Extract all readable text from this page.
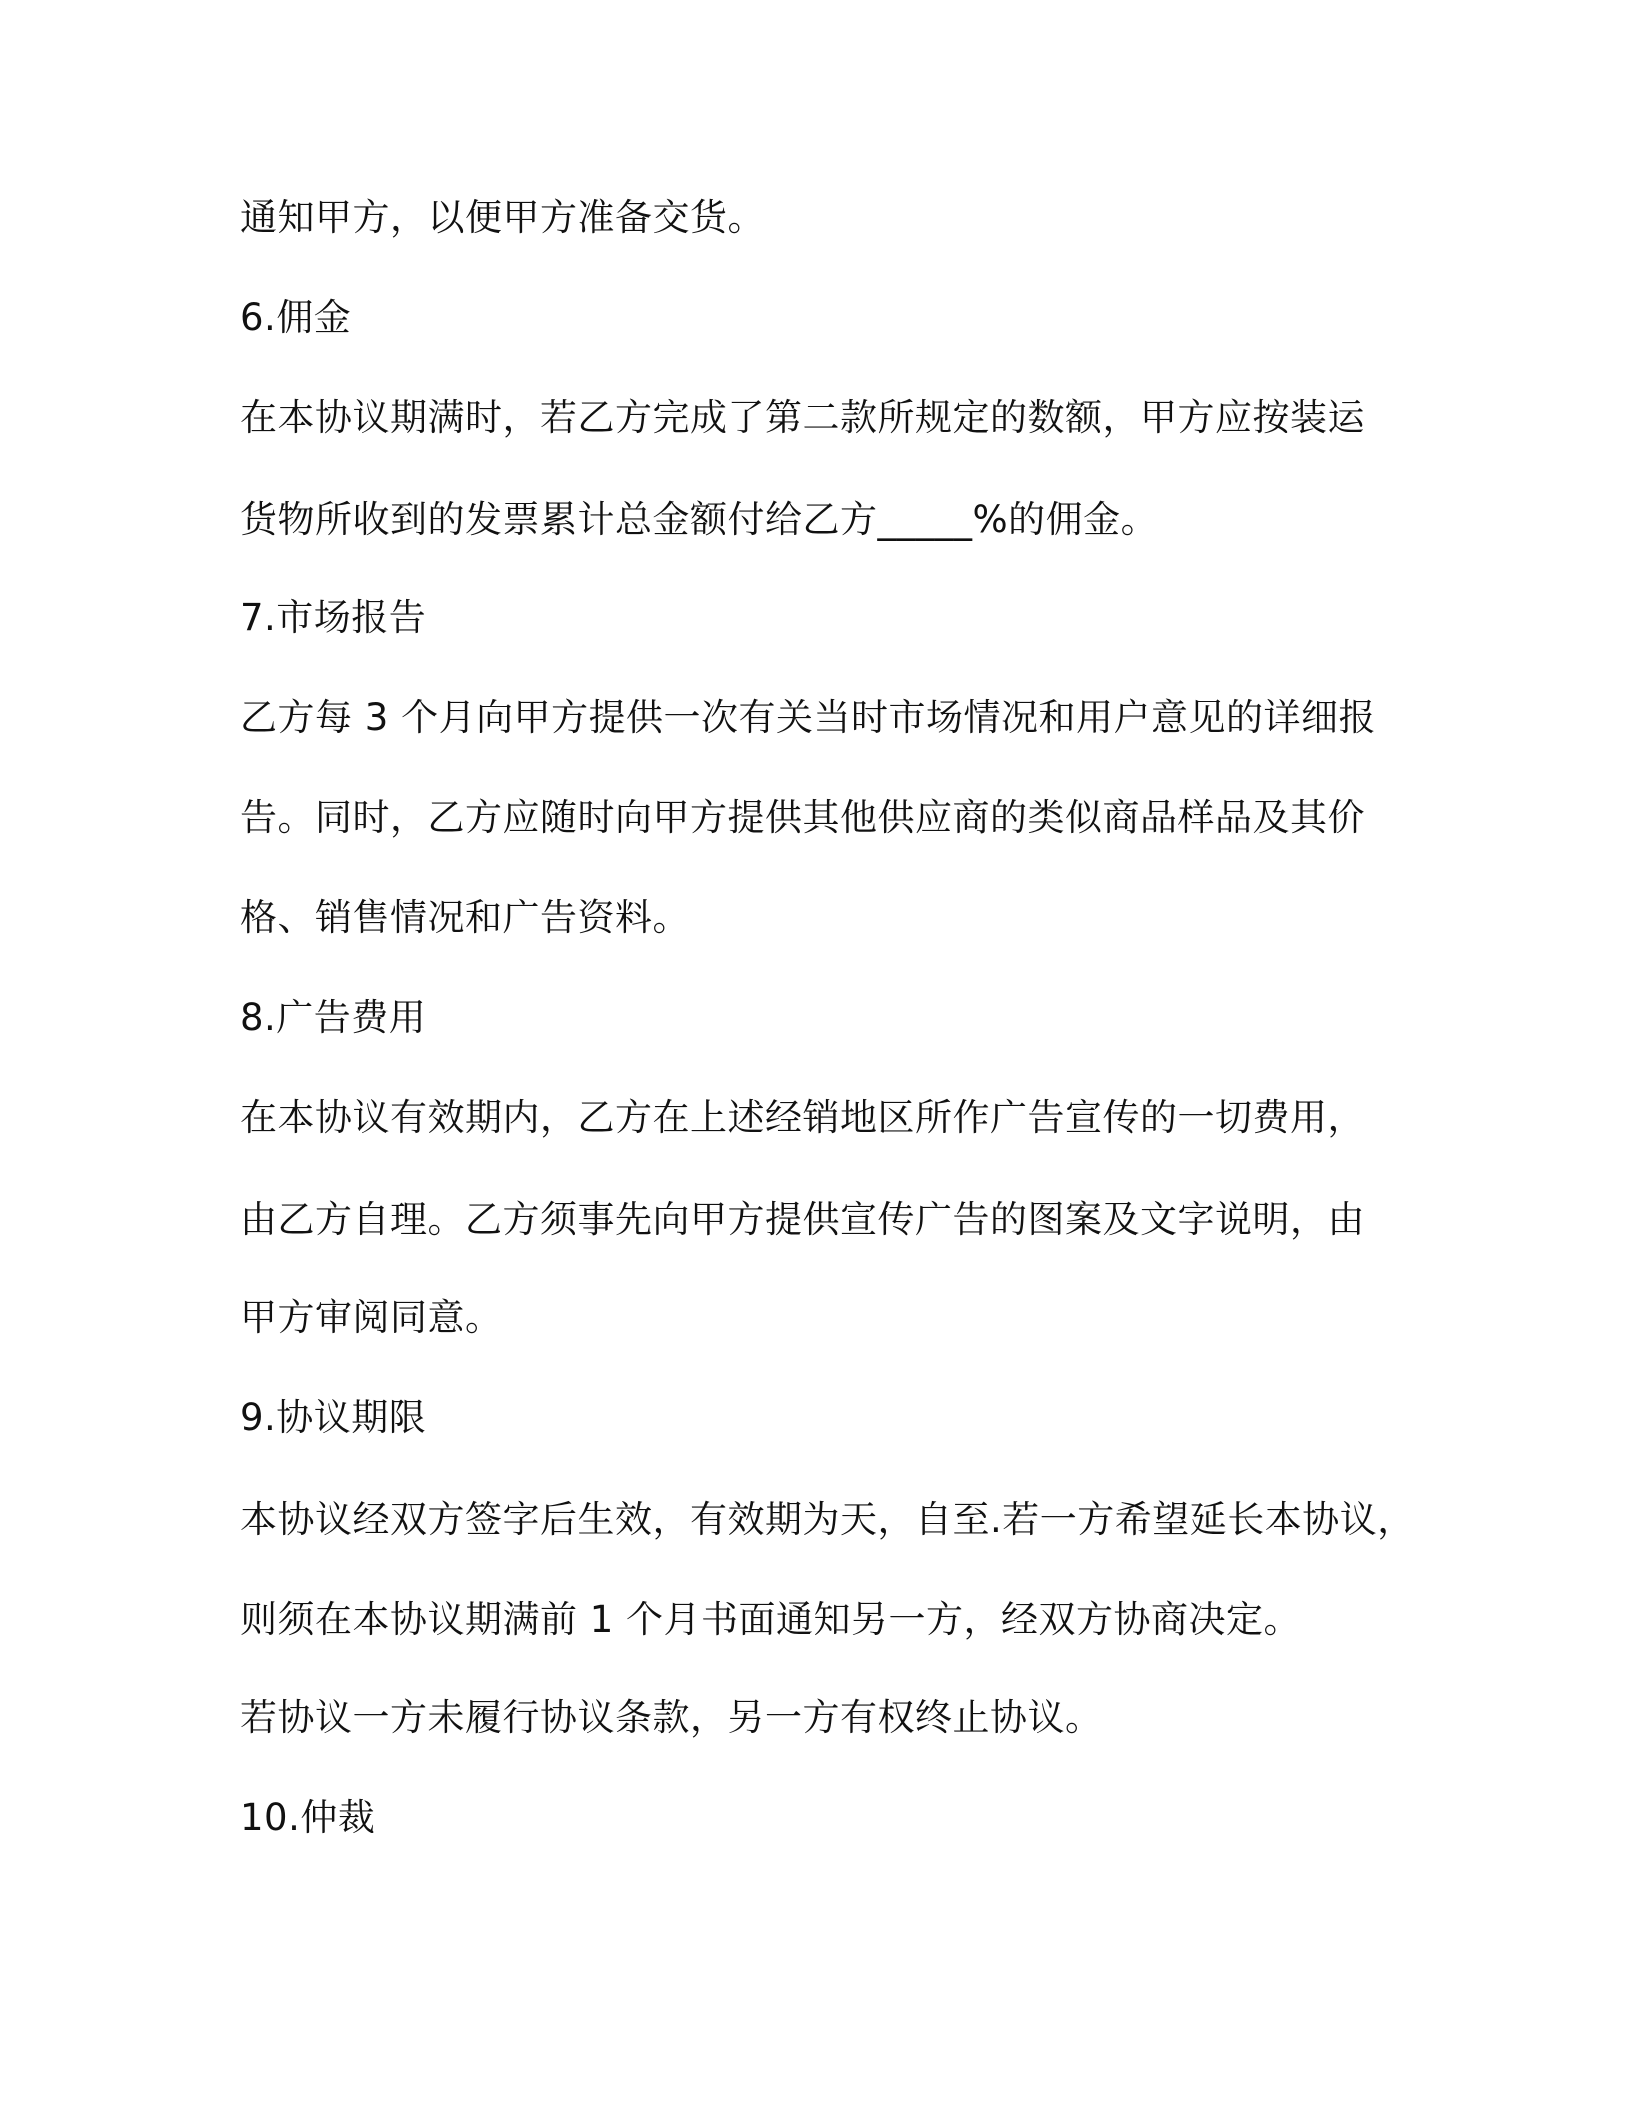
通知甲方，以便甲方准备交货。
6.佣金
在本协议期满时，若乙方完成了第二款所规定的数额，甲方应按装运
货物所收到的发票累计总金额付给乙方_____%的佣金。
7.市场报告
乙方每 3 个月向甲方提供一次有关当时市场情况和用户意见的详细报
告。同时，乙方应随时向甲方提供其他供应商的类似商品样品及其价
格、销售情况和广告资料。
8.广告费用
在本协议有效期内，乙方在上述经销地区所作广告宣传的一切费用，
由乙方自理。乙方须事先向甲方提供宣传广告的图案及文字说明，由
甲方审阅同意。
9.协议期限
本协议经双方签字后生效，有效期为天，自至.若一方希望延长本协议，
则须在本协议期满前 1 个月书面通知另一方，经双方协商决定。
若协议一方未履行协议条款，另一方有权终止协议。
10.仲裁
